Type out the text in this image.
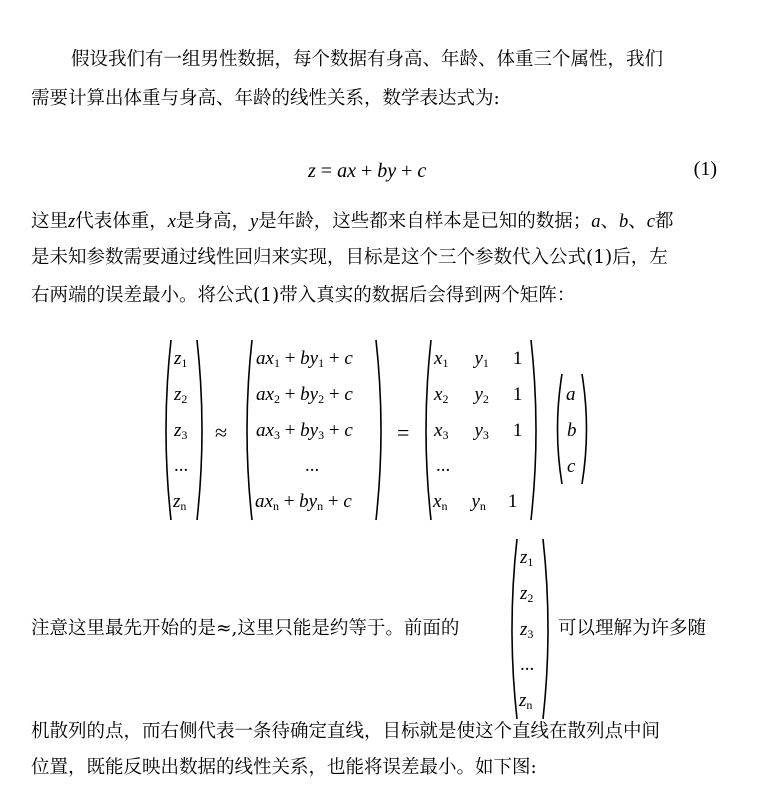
假设我们有一组男性数据，每个数据有身高、年龄、体重三个属性，我们
需要计算出体重与身高、年龄的线性关系，数学表达式为:
z = ax + by + c	(1)
这里z代表体重，x是身高，y是年龄，这些都来自样本是已知的数据；a、b、c都
是未知参数需要通过线性回归来实现，目标是这个三个参数代入公式(1)后，左
右两端的误差最小。将公式(1)带入真实的数据后会得到两个矩阵：
$z_1$
$z_2$
$z_3$
...
$z_n$
≈
$ax_1 + by_1 + c$
$ax_2 + by_2 + c$
$ax_3 + by_3 + c$
...
$ax_n + by_n + c$
=
$x_1$ $y_1$ 1
$x_2$ $y_2$ 1
$x_3$ $y_3$ 1
...
$x_n$ $y_n$ 1
a
b
c
注意这里最先开始的是≈,这里只能是约等于。前面的
$z_1$
$z_2$
$z_3$
...
$z_n$
可以理解为许多随
机散列的点，而右侧代表一条待确定直线，目标就是使这个直线在散列点中间
位置，既能反映出数据的线性关系，也能将误差最小。如下图:
